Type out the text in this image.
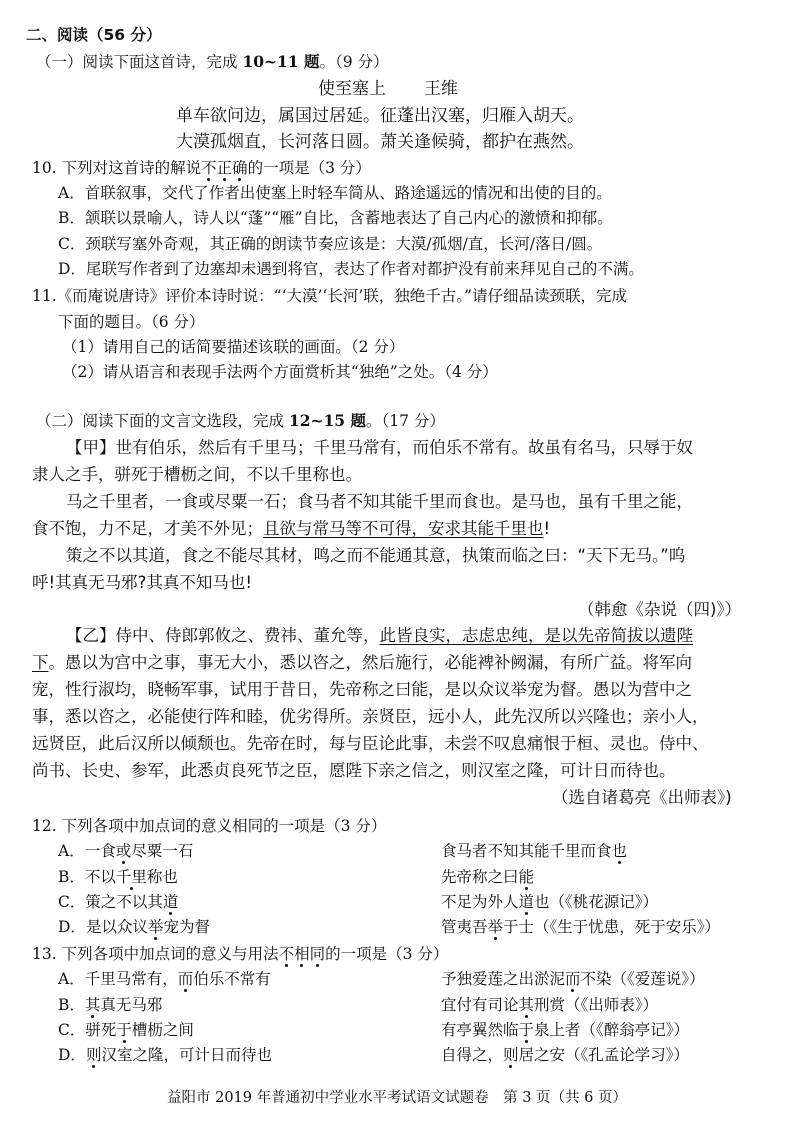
二、阅读（56 分）
（一）阅读下面这首诗，完成 10~11 题。（9 分）
使至塞上 王维
单车欲问边，属国过居延。征蓬出汉塞，归雁入胡天。
大漠孤烟直，长河落日圆。萧关逢候骑，都护在燕然。
10. 下列对这首诗的解说不正确的一项是（3 分）
A．首联叙事，交代了作者出使塞上时轻车简从、路途遥远的情况和出使的目的。
B．颔联以景喻人，诗人以“蓬”“雁”自比，含蓄地表达了自己内心的激愤和抑郁。
C．颈联写塞外奇观，其正确的朗读节奏应该是：大漠/孤烟/直，长河/落日/圆。
D．尾联写作者到了边塞却未遇到将官，表达了作者对都护没有前来拜见自己的不满。
11.《而庵说唐诗》评价本诗时说：“‘大漠’‘长河’联，独绝千古。”请仔细品读颈联，完成
下面的题目。（6 分）
（1）请用自己的话简要描述该联的画面。（2 分）
（2）请从语言和表现手法两个方面赏析其“独绝”之处。（4 分）
（二）阅读下面的文言文选段，完成 12~15 题。（17 分）
【甲】世有伯乐，然后有千里马；千里马常有，而伯乐不常有。故虽有名马，只辱于奴
隶人之手，骈死于槽枥之间，不以千里称也。
马之千里者，一食或尽粟一石；食马者不知其能千里而食也。是马也，虽有千里之能，
食不饱，力不足，才美不外见；且欲与常马等不可得，安求其能千里也!
策之不以其道，食之不能尽其材，鸣之而不能通其意，执策而临之曰：“天下无马。”呜
呼!其真无马邪?其真不知马也!
（韩愈《杂说（四)》）
【乙】侍中、侍郎郭攸之、费祎、董允等，此皆良实，志虑忠纯，是以先帝简拔以遗陛
下。愚以为宫中之事，事无大小，悉以咨之，然后施行，必能裨补阙漏，有所广益。将军向
宠，性行淑均，晓畅军事，试用于昔日，先帝称之曰能，是以众议举宠为督。愚以为营中之
事，悉以咨之，必能使行阵和睦，优劣得所。亲贤臣，远小人，此先汉所以兴隆也；亲小人，
远贤臣，此后汉所以倾颓也。先帝在时，每与臣论此事，未尝不叹息痛恨于桓、灵也。侍中、
尚书、长史、参军，此悉贞良死节之臣，愿陛下亲之信之，则汉室之隆，可计日而待也。
（选自诸葛亮《出师表》)
12. 下列各项中加点词的意义相同的一项是（3 分）
A．一食或尽粟一石	食马者不知其能千里而食也
B．不以千里称也	先帝称之曰能
C．策之不以其道	不足为外人道也（《桃花源记》）
D．是以众议举宠为督	管夷吾举于士（《生于忧患，死于安乐》）
13. 下列各项中加点词的意义与用法不相同的一项是（3 分）
A．千里马常有，而伯乐不常有	予独爱莲之出淤泥而不染（《爱莲说》）
B．其真无马邪	宜付有司论其刑赏（《出师表》）
C．骈死于槽枥之间	有亭翼然临于泉上者（《醉翁亭记》）
D．则汉室之隆，可计日而待也	自得之，则居之安（《孔孟论学习》）
益阳市 2019 年普通初中学业水平考试语文试题卷　第 3 页（共 6 页）
